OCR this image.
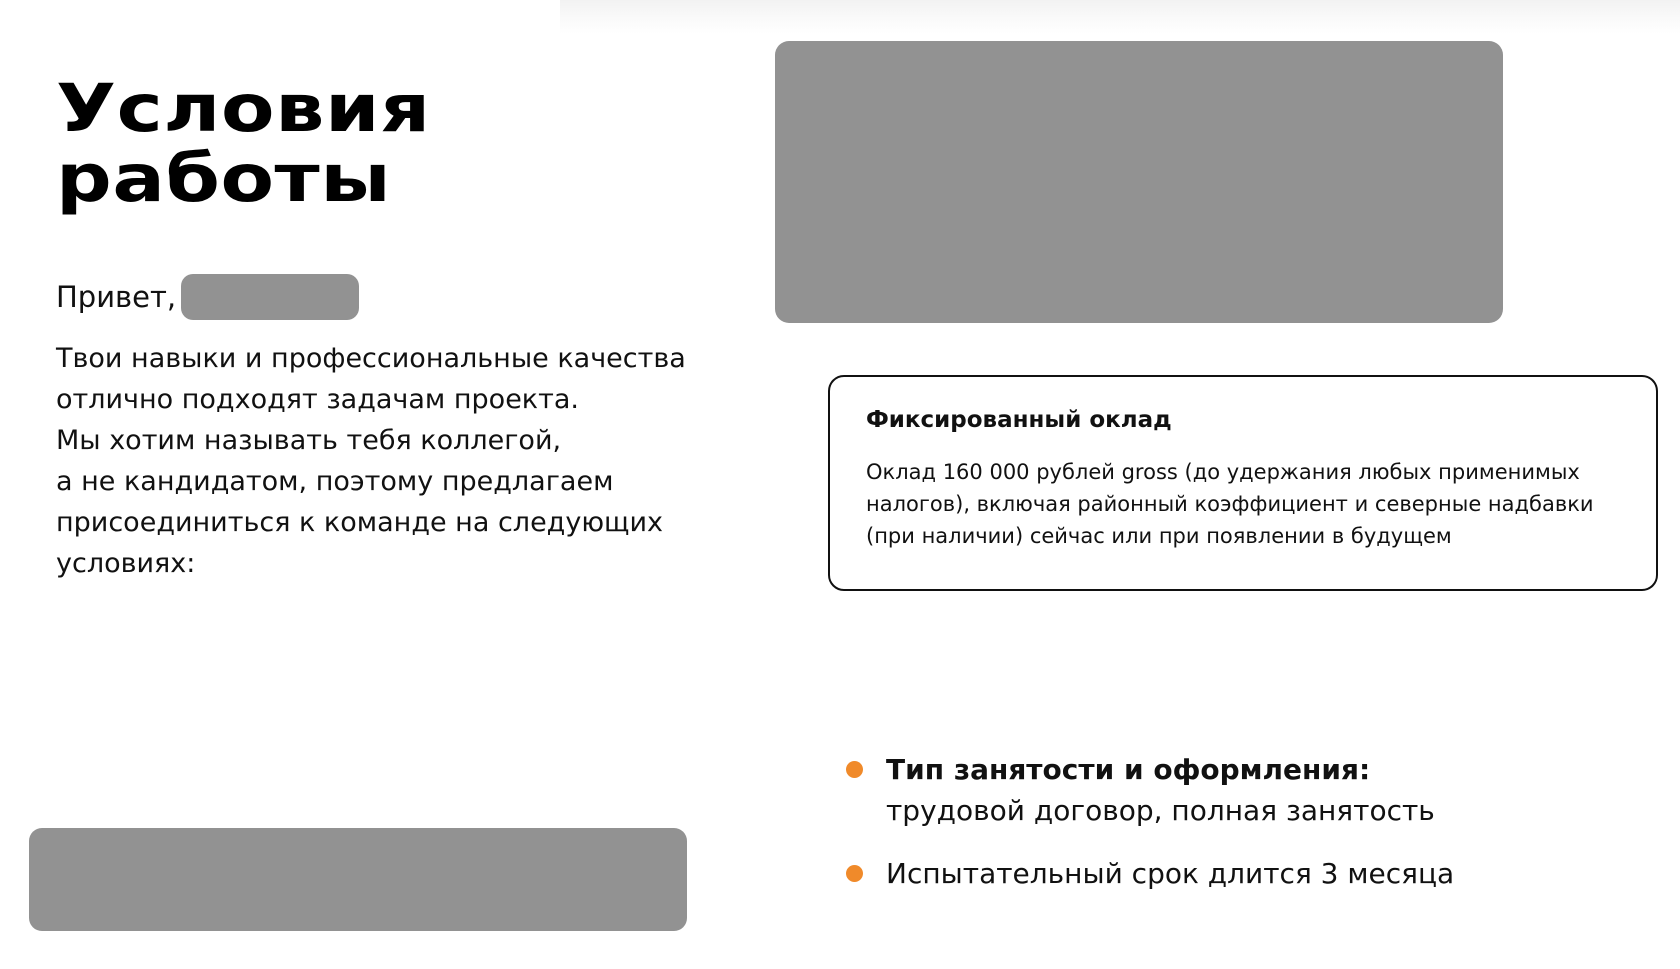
Условия
работы
Привет,

Твои навыки и профессиональные качества
отлично подходят задачам проекта.
Мы хотим называть тебя коллегой,
а не кандидатом, поэтому предлагаем
присоединиться к команде на следующих
условиях:

Фиксированный оклад

Оклад 160 000 рублей gross (до удержания любых применимых
налогов), включая районный коэффициент и северные надбавки
(при наличии) сейчас или при появлении в будущем

Тип занятости и оформления:
трудовой договор, полная занятость
Испытательный срок длится 3 месяца
